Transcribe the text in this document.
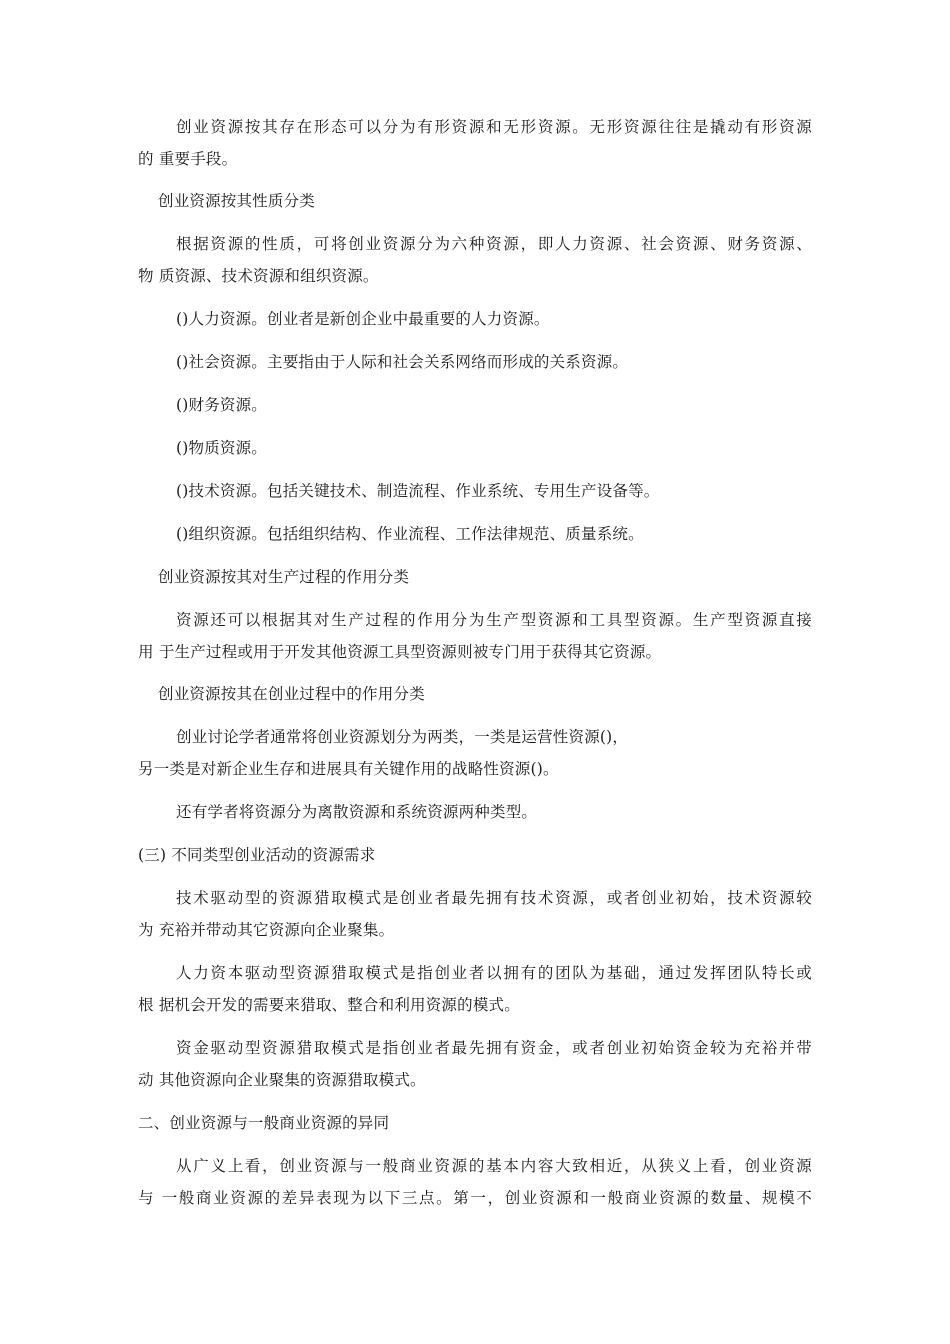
创业资源按其存在形态可以分为有形资源和无形资源。无形资源往往是撬动有形资源
的 重要手段。
创业资源按其性质分类
根据资源的性质，可将创业资源分为六种资源，即人力资源、社会资源、财务资源、
物 质资源、技术资源和组织资源。
()人力资源。创业者是新创企业中最重要的人力资源。
()社会资源。主要指由于人际和社会关系网络而形成的关系资源。
()财务资源。
()物质资源。
()技术资源。包括关键技术、制造流程、作业系统、专用生产设备等。
()组织资源。包括组织结构、作业流程、工作法律规范、质量系统。
创业资源按其对生产过程的作用分类
资源还可以根据其对生产过程的作用分为生产型资源和工具型资源。生产型资源直接
用 于生产过程或用于开发其他资源工具型资源则被专门用于获得其它资源。
创业资源按其在创业过程中的作用分类
创业讨论学者通常将创业资源划分为两类，一类是运营性资源()，
另一类是对新企业生存和进展具有关键作用的战略性资源()。
还有学者将资源分为离散资源和系统资源两种类型。
(三) 不同类型创业活动的资源需求
技术驱动型的资源猎取模式是创业者最先拥有技术资源，或者创业初始，技术资源较
为 充裕并带动其它资源向企业聚集。
人力资本驱动型资源猎取模式是指创业者以拥有的团队为基础，通过发挥团队特长或
根 据机会开发的需要来猎取、整合和利用资源的模式。
资金驱动型资源猎取模式是指创业者最先拥有资金，或者创业初始资金较为充裕并带
动 其他资源向企业聚集的资源猎取模式。
二、创业资源与一般商业资源的异同
从广义上看，创业资源与一般商业资源的基本内容大致相近，从狭义上看，创业资源
与 一般商业资源的差异表现为以下三点。第一，创业资源和一般商业资源的数量、规模不
